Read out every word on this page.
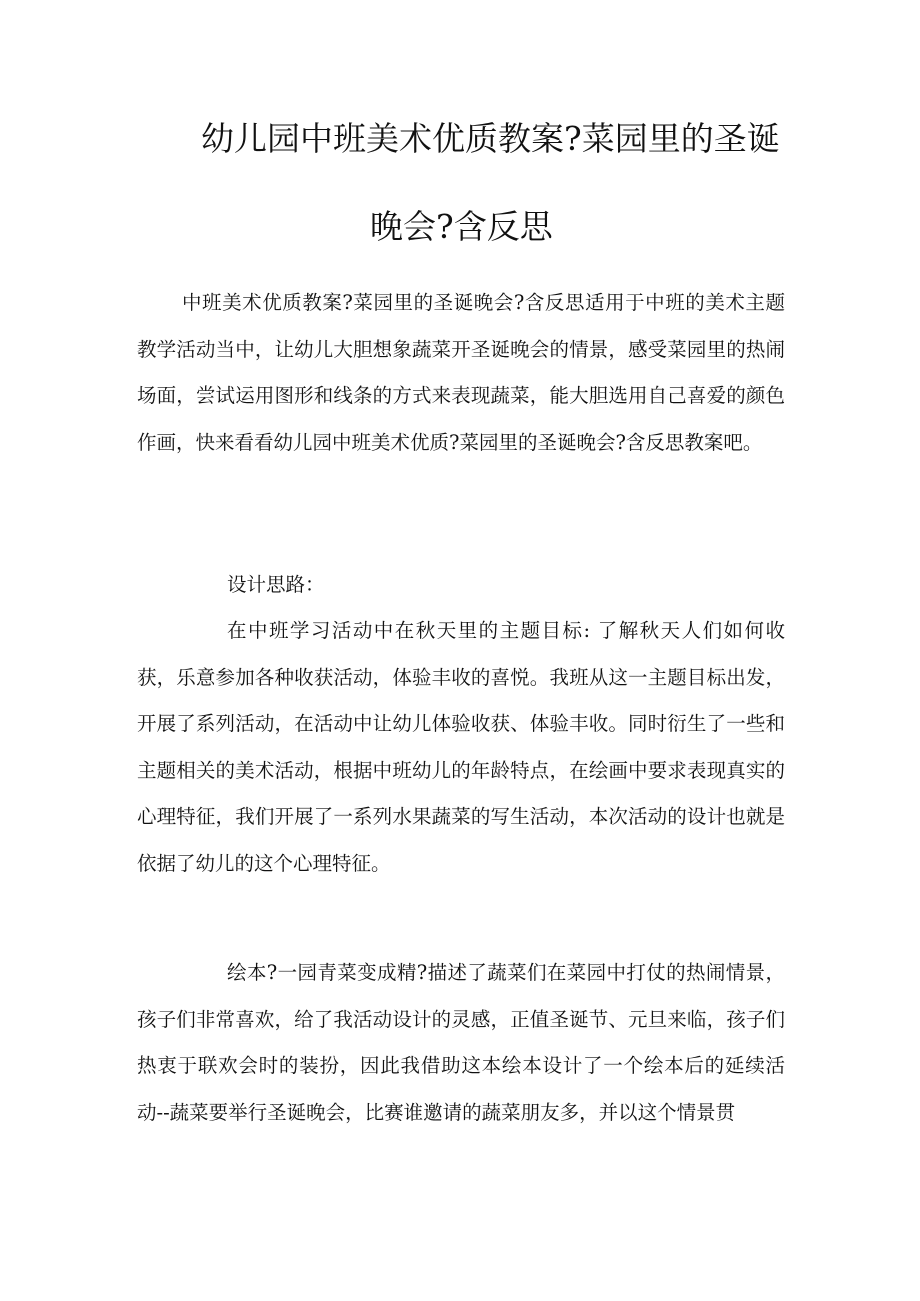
幼儿园中班美术优质教案?菜园里的圣诞
晚会?含反思

中班美术优质教案?菜园里的圣诞晚会?含反思适用于中班的美术主题教学活动当中，让幼儿大胆想象蔬菜开圣诞晚会的情景，感受菜园里的热闹场面，尝试运用图形和线条的方式来表现蔬菜，能大胆选用自己喜爱的颜色作画，快来看看幼儿园中班美术优质?菜园里的圣诞晚会?含反思教案吧。

设计思路：

在中班学习活动中在秋天里的主题目标: 了解秋天人们如何收获，乐意参加各种收获活动，体验丰收的喜悦。我班从这一主题目标出发，开展了系列活动，在活动中让幼儿体验收获、体验丰收。同时衍生了一些和主题相关的美术活动，根据中班幼儿的年龄特点，在绘画中要求表现真实的心理特征，我们开展了一系列水果蔬菜的写生活动，本次活动的设计也就是依据了幼儿的这个心理特征。

绘本?一园青菜变成精?描述了蔬菜们在菜园中打仗的热闹情景，孩子们非常喜欢，给了我活动设计的灵感，正值圣诞节、元旦来临，孩子们热衷于联欢会时的装扮，因此我借助这本绘本设计了一个绘本后的延续活动--蔬菜要举行圣诞晚会，比赛谁邀请的蔬菜朋友多，并以这个情景贯
